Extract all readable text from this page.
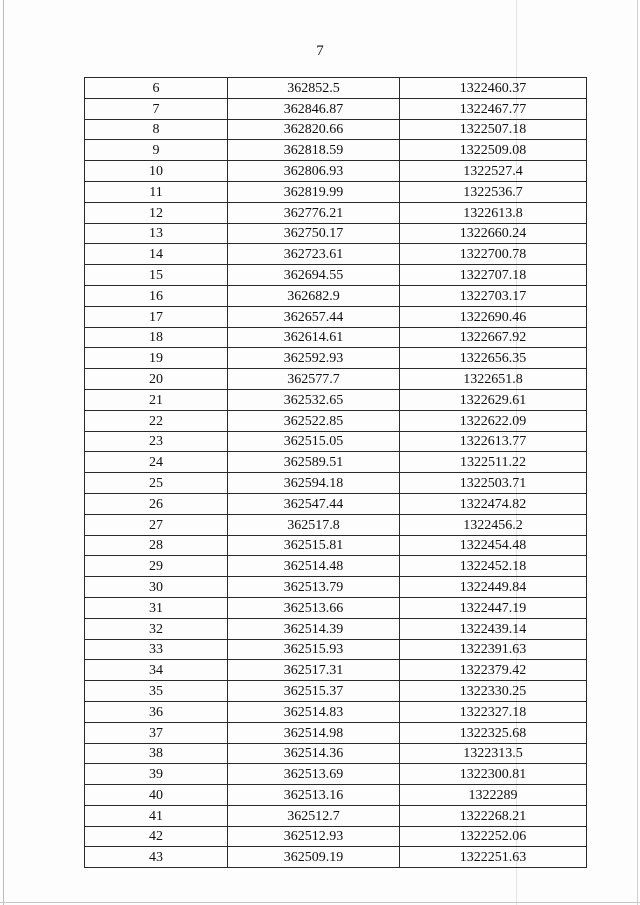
7
6	362852.5	1322460.37
7	362846.87	1322467.77
8	362820.66	1322507.18
9	362818.59	1322509.08
10	362806.93	1322527.4
11	362819.99	1322536.7
12	362776.21	1322613.8
13	362750.17	1322660.24
14	362723.61	1322700.78
15	362694.55	1322707.18
16	362682.9	1322703.17
17	362657.44	1322690.46
18	362614.61	1322667.92
19	362592.93	1322656.35
20	362577.7	1322651.8
21	362532.65	1322629.61
22	362522.85	1322622.09
23	362515.05	1322613.77
24	362589.51	1322511.22
25	362594.18	1322503.71
26	362547.44	1322474.82
27	362517.8	1322456.2
28	362515.81	1322454.48
29	362514.48	1322452.18
30	362513.79	1322449.84
31	362513.66	1322447.19
32	362514.39	1322439.14
33	362515.93	1322391.63
34	362517.31	1322379.42
35	362515.37	1322330.25
36	362514.83	1322327.18
37	362514.98	1322325.68
38	362514.36	1322313.5
39	362513.69	1322300.81
40	362513.16	1322289
41	362512.7	1322268.21
42	362512.93	1322252.06
43	362509.19	1322251.63
